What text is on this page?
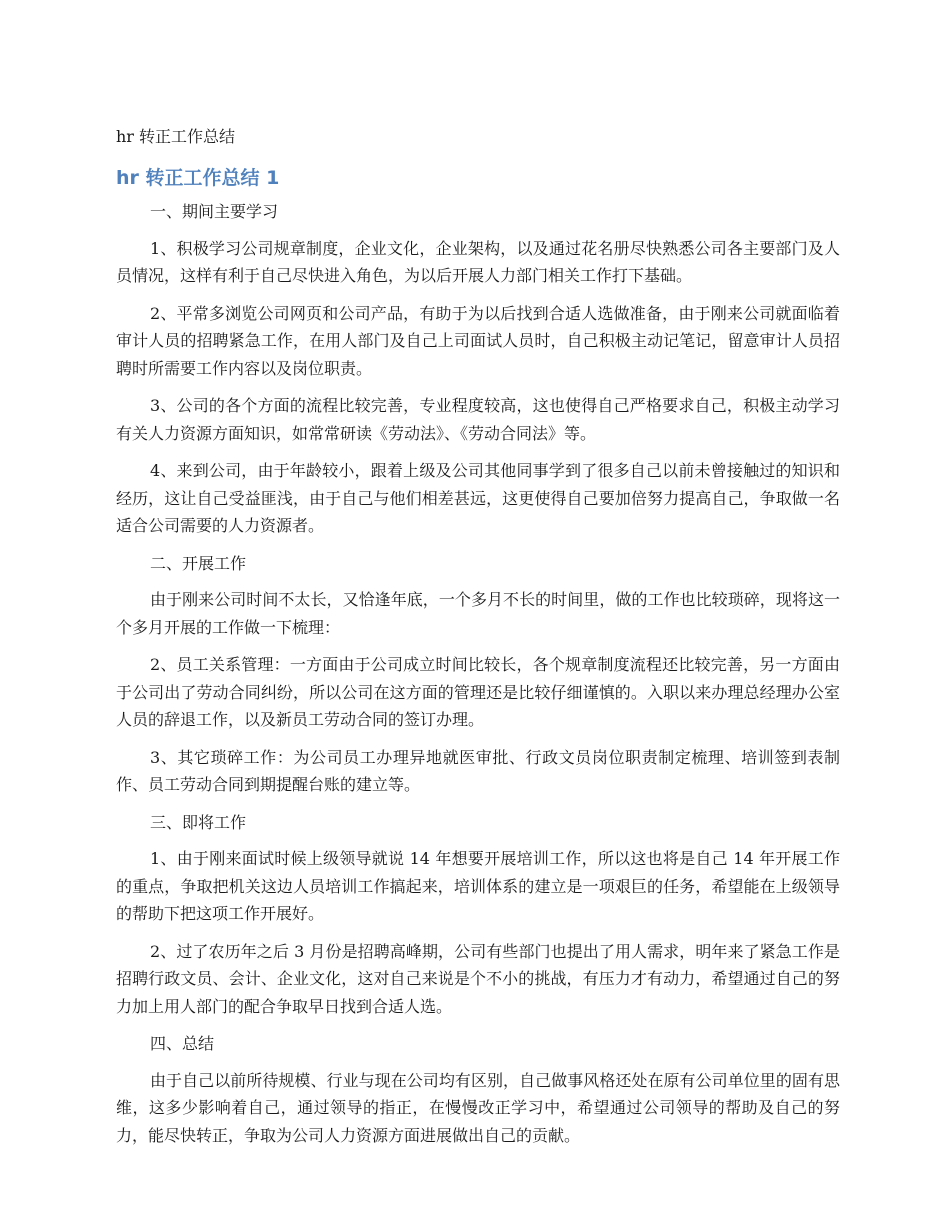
hr 转正工作总结
hr 转正工作总结 1

一、期间主要学习

1、积极学习公司规章制度，企业文化，企业架构，以及通过花名册尽快熟悉公司各主要部门及人员情况，这样有利于自己尽快进入角色，为以后开展人力部门相关工作打下基础。

2、平常多浏览公司网页和公司产品，有助于为以后找到合适人选做准备，由于刚来公司就面临着审计人员的招聘紧急工作，在用人部门及自己上司面试人员时，自己积极主动记笔记，留意审计人员招聘时所需要工作内容以及岗位职责。

3、公司的各个方面的流程比较完善，专业程度较高，这也使得自己严格要求自己，积极主动学习有关人力资源方面知识，如常常研读《劳动法》、《劳动合同法》等。

4、来到公司，由于年龄较小，跟着上级及公司其他同事学到了很多自己以前未曾接触过的知识和经历，这让自己受益匪浅，由于自己与他们相差甚远，这更使得自己要加倍努力提高自己，争取做一名适合公司需要的人力资源者。

二、开展工作

由于刚来公司时间不太长，又恰逢年底，一个多月不长的时间里，做的工作也比较琐碎，现将这一个多月开展的工作做一下梳理：

2、员工关系管理：一方面由于公司成立时间比较长，各个规章制度流程还比较完善，另一方面由于公司出了劳动合同纠纷，所以公司在这方面的管理还是比较仔细谨慎的。入职以来办理总经理办公室人员的辞退工作，以及新员工劳动合同的签订办理。

3、其它琐碎工作：为公司员工办理异地就医审批、行政文员岗位职责制定梳理、培训签到表制作、员工劳动合同到期提醒台账的建立等。

三、即将工作

1、由于刚来面试时候上级领导就说 14 年想要开展培训工作，所以这也将是自己 14 年开展工作的重点，争取把机关这边人员培训工作搞起来，培训体系的建立是一项艰巨的任务，希望能在上级领导的帮助下把这项工作开展好。

2、过了农历年之后 3 月份是招聘高峰期，公司有些部门也提出了用人需求，明年来了紧急工作是招聘行政文员、会计、企业文化，这对自己来说是个不小的挑战，有压力才有动力，希望通过自己的努力加上用人部门的配合争取早日找到合适人选。

四、总结

由于自己以前所待规模、行业与现在公司均有区别，自己做事风格还处在原有公司单位里的固有思维，这多少影响着自己，通过领导的指正，在慢慢改正学习中，希望通过公司领导的帮助及自己的努力，能尽快转正，争取为公司人力资源方面进展做出自己的贡献。
